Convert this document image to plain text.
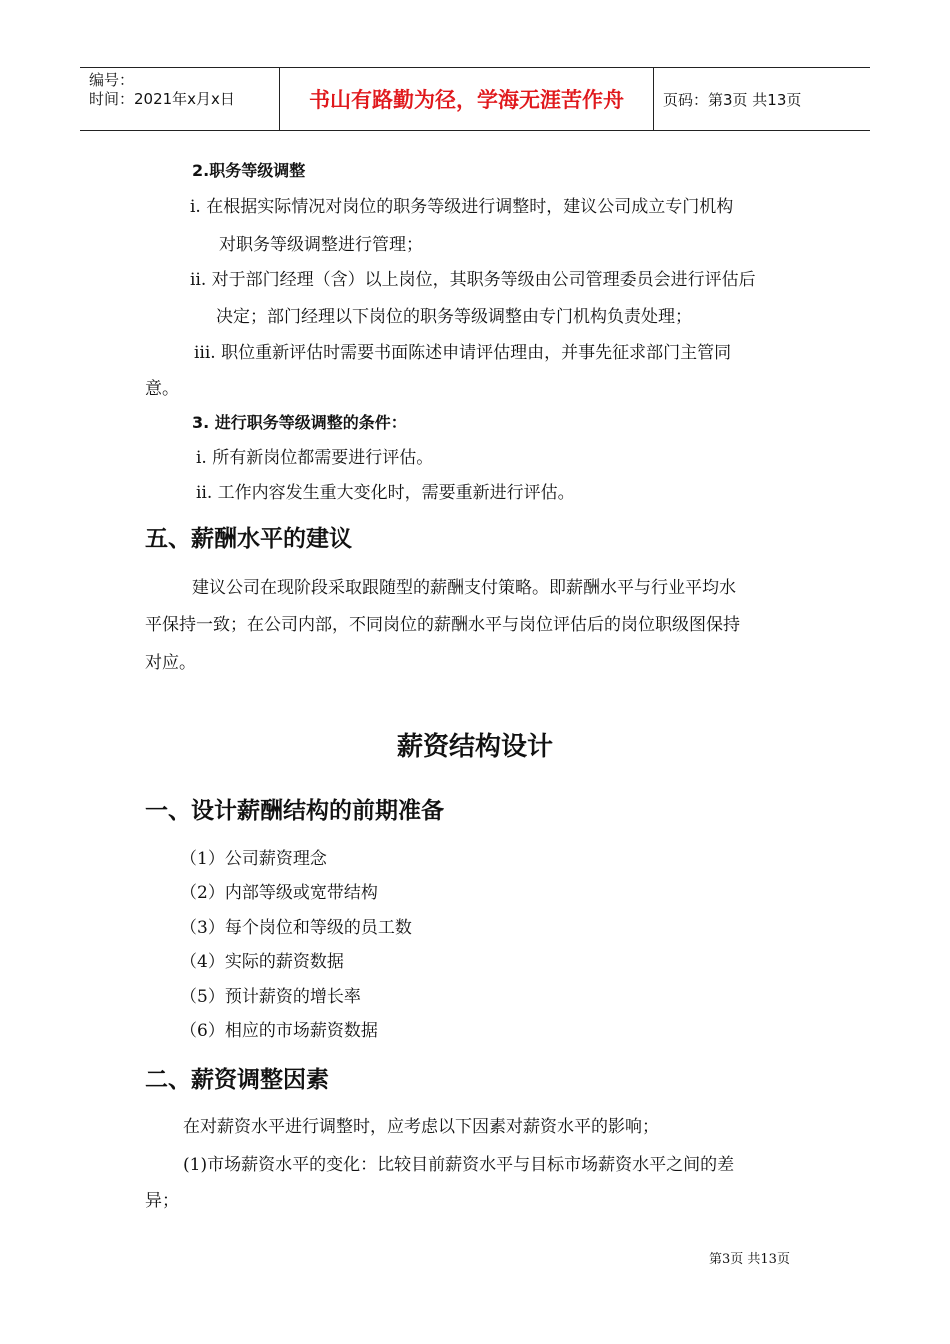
编号：
时间：2021年x月x日	书山有路勤为径，学海无涯苦作舟	页码：第3页 共13页
2.职务等级调整
ⅰ. 在根据实际情况对岗位的职务等级进行调整时，建议公司成立专门机构
对职务等级调整进行管理；
ⅱ. 对于部门经理（含）以上岗位，其职务等级由公司管理委员会进行评估后
决定；部门经理以下岗位的职务等级调整由专门机构负责处理；
ⅲ. 职位重新评估时需要书面陈述申请评估理由，并事先征求部门主管同
意。
3. 进行职务等级调整的条件：
ⅰ. 所有新岗位都需要进行评估。
ⅱ. 工作内容发生重大变化时，需要重新进行评估。
五、薪酬水平的建议
建议公司在现阶段采取跟随型的薪酬支付策略。即薪酬水平与行业平均水
平保持一致；在公司内部，不同岗位的薪酬水平与岗位评估后的岗位职级图保持
对应。
薪资结构设计
一、设计薪酬结构的前期准备
（1）公司薪资理念
（2）内部等级或宽带结构
（3）每个岗位和等级的员工数
（4）实际的薪资数据
（5）预计薪资的增长率
（6）相应的市场薪资数据
二、薪资调整因素
在对薪资水平进行调整时，应考虑以下因素对薪资水平的影响；
(1)市场薪资水平的变化：比较目前薪资水平与目标市场薪资水平之间的差
异；
第3页 共13页
